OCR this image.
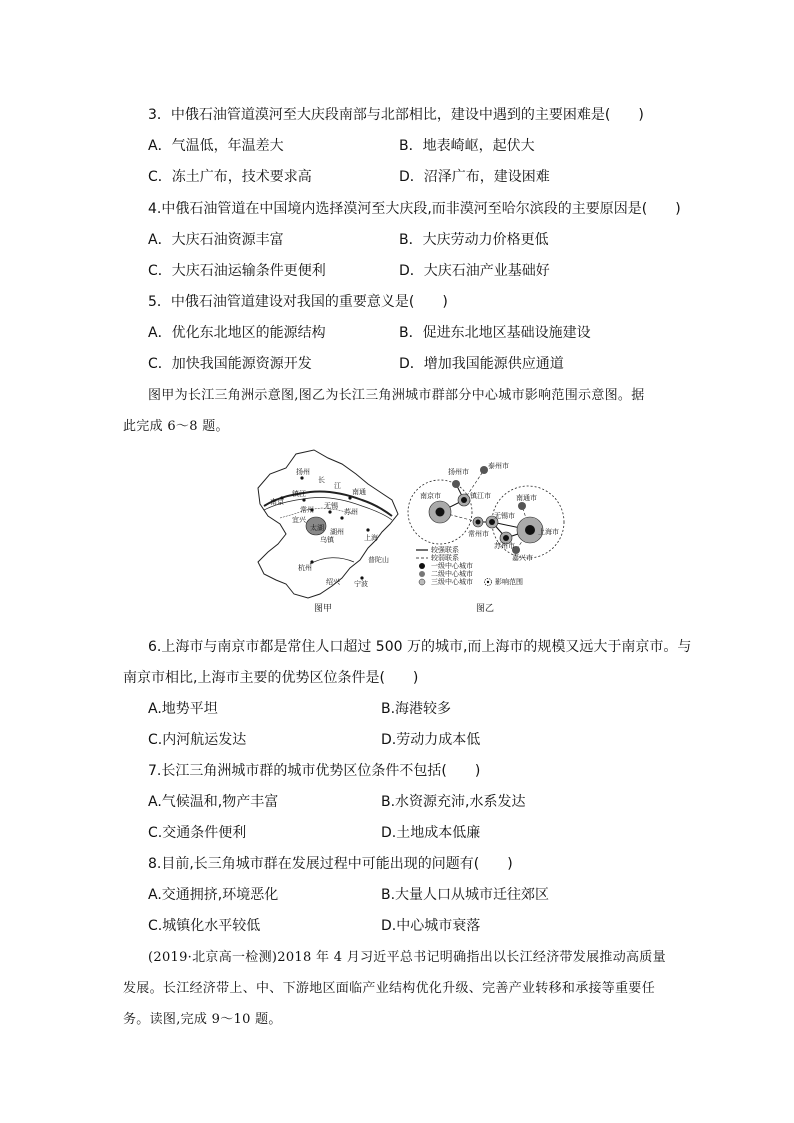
3．中俄石油管道漠河至大庆段南部与北部相比，建设中遇到的主要困难是(　　)
A．气温低，年温差大	B．地表崎岖，起伏大
C．冻土广布，技术要求高	D．沼泽广布，建设困难
4.中俄石油管道在中国境内选择漠河至大庆段,而非漠河至哈尔滨段的主要原因是(　　)
A．大庆石油资源丰富	B．大庆劳动力价格更低
C．大庆石油运输条件更便利	D．大庆石油产业基础好
5．中俄石油管道建设对我国的重要意义是(　　)
A．优化东北地区的能源结构	B．促进东北地区基础设施建设
C．加快我国能源资源开发	D．增加我国能源供应通道
图甲为长江三角洲示意图,图乙为长江三角洲城市群部分中心城市影响范围示意图。据
此完成 6～8 题。
扬州
长
江
南京
镇江	南通
常州 无锡
苏州
宜兴
太湖 湖州
乌镇	上海
杭州
普陀山
绍兴 宁波
图甲
扬州市
泰州市
南京市	镇江市	南通市
无锡市
常州市	上海市
苏州市
嘉兴市
较强联系
较弱联系
一级中心城市
二级中心城市
三级中心城市	影响范围
图乙
6.上海市与南京市都是常住人口超过 500 万的城市,而上海市的规模又远大于南京市。与
南京市相比,上海市主要的优势区位条件是(　　)
A.地势平坦	B.海港较多
C.内河航运发达	D.劳动力成本低
7.长江三角洲城市群的城市优势区位条件不包括(　　)
A.气候温和,物产丰富	B.水资源充沛,水系发达
C.交通条件便利	D.土地成本低廉
8.目前,长三角城市群在发展过程中可能出现的问题有(　　)
A.交通拥挤,环境恶化	B.大量人口从城市迁往郊区
C.城镇化水平较低	D.中心城市衰落
(2019·北京高一检测)2018 年 4 月习近平总书记明确指出以长江经济带发展推动高质量
发展。长江经济带上、中、下游地区面临产业结构优化升级、完善产业转移和承接等重要任
务。读图,完成 9～10 题。
